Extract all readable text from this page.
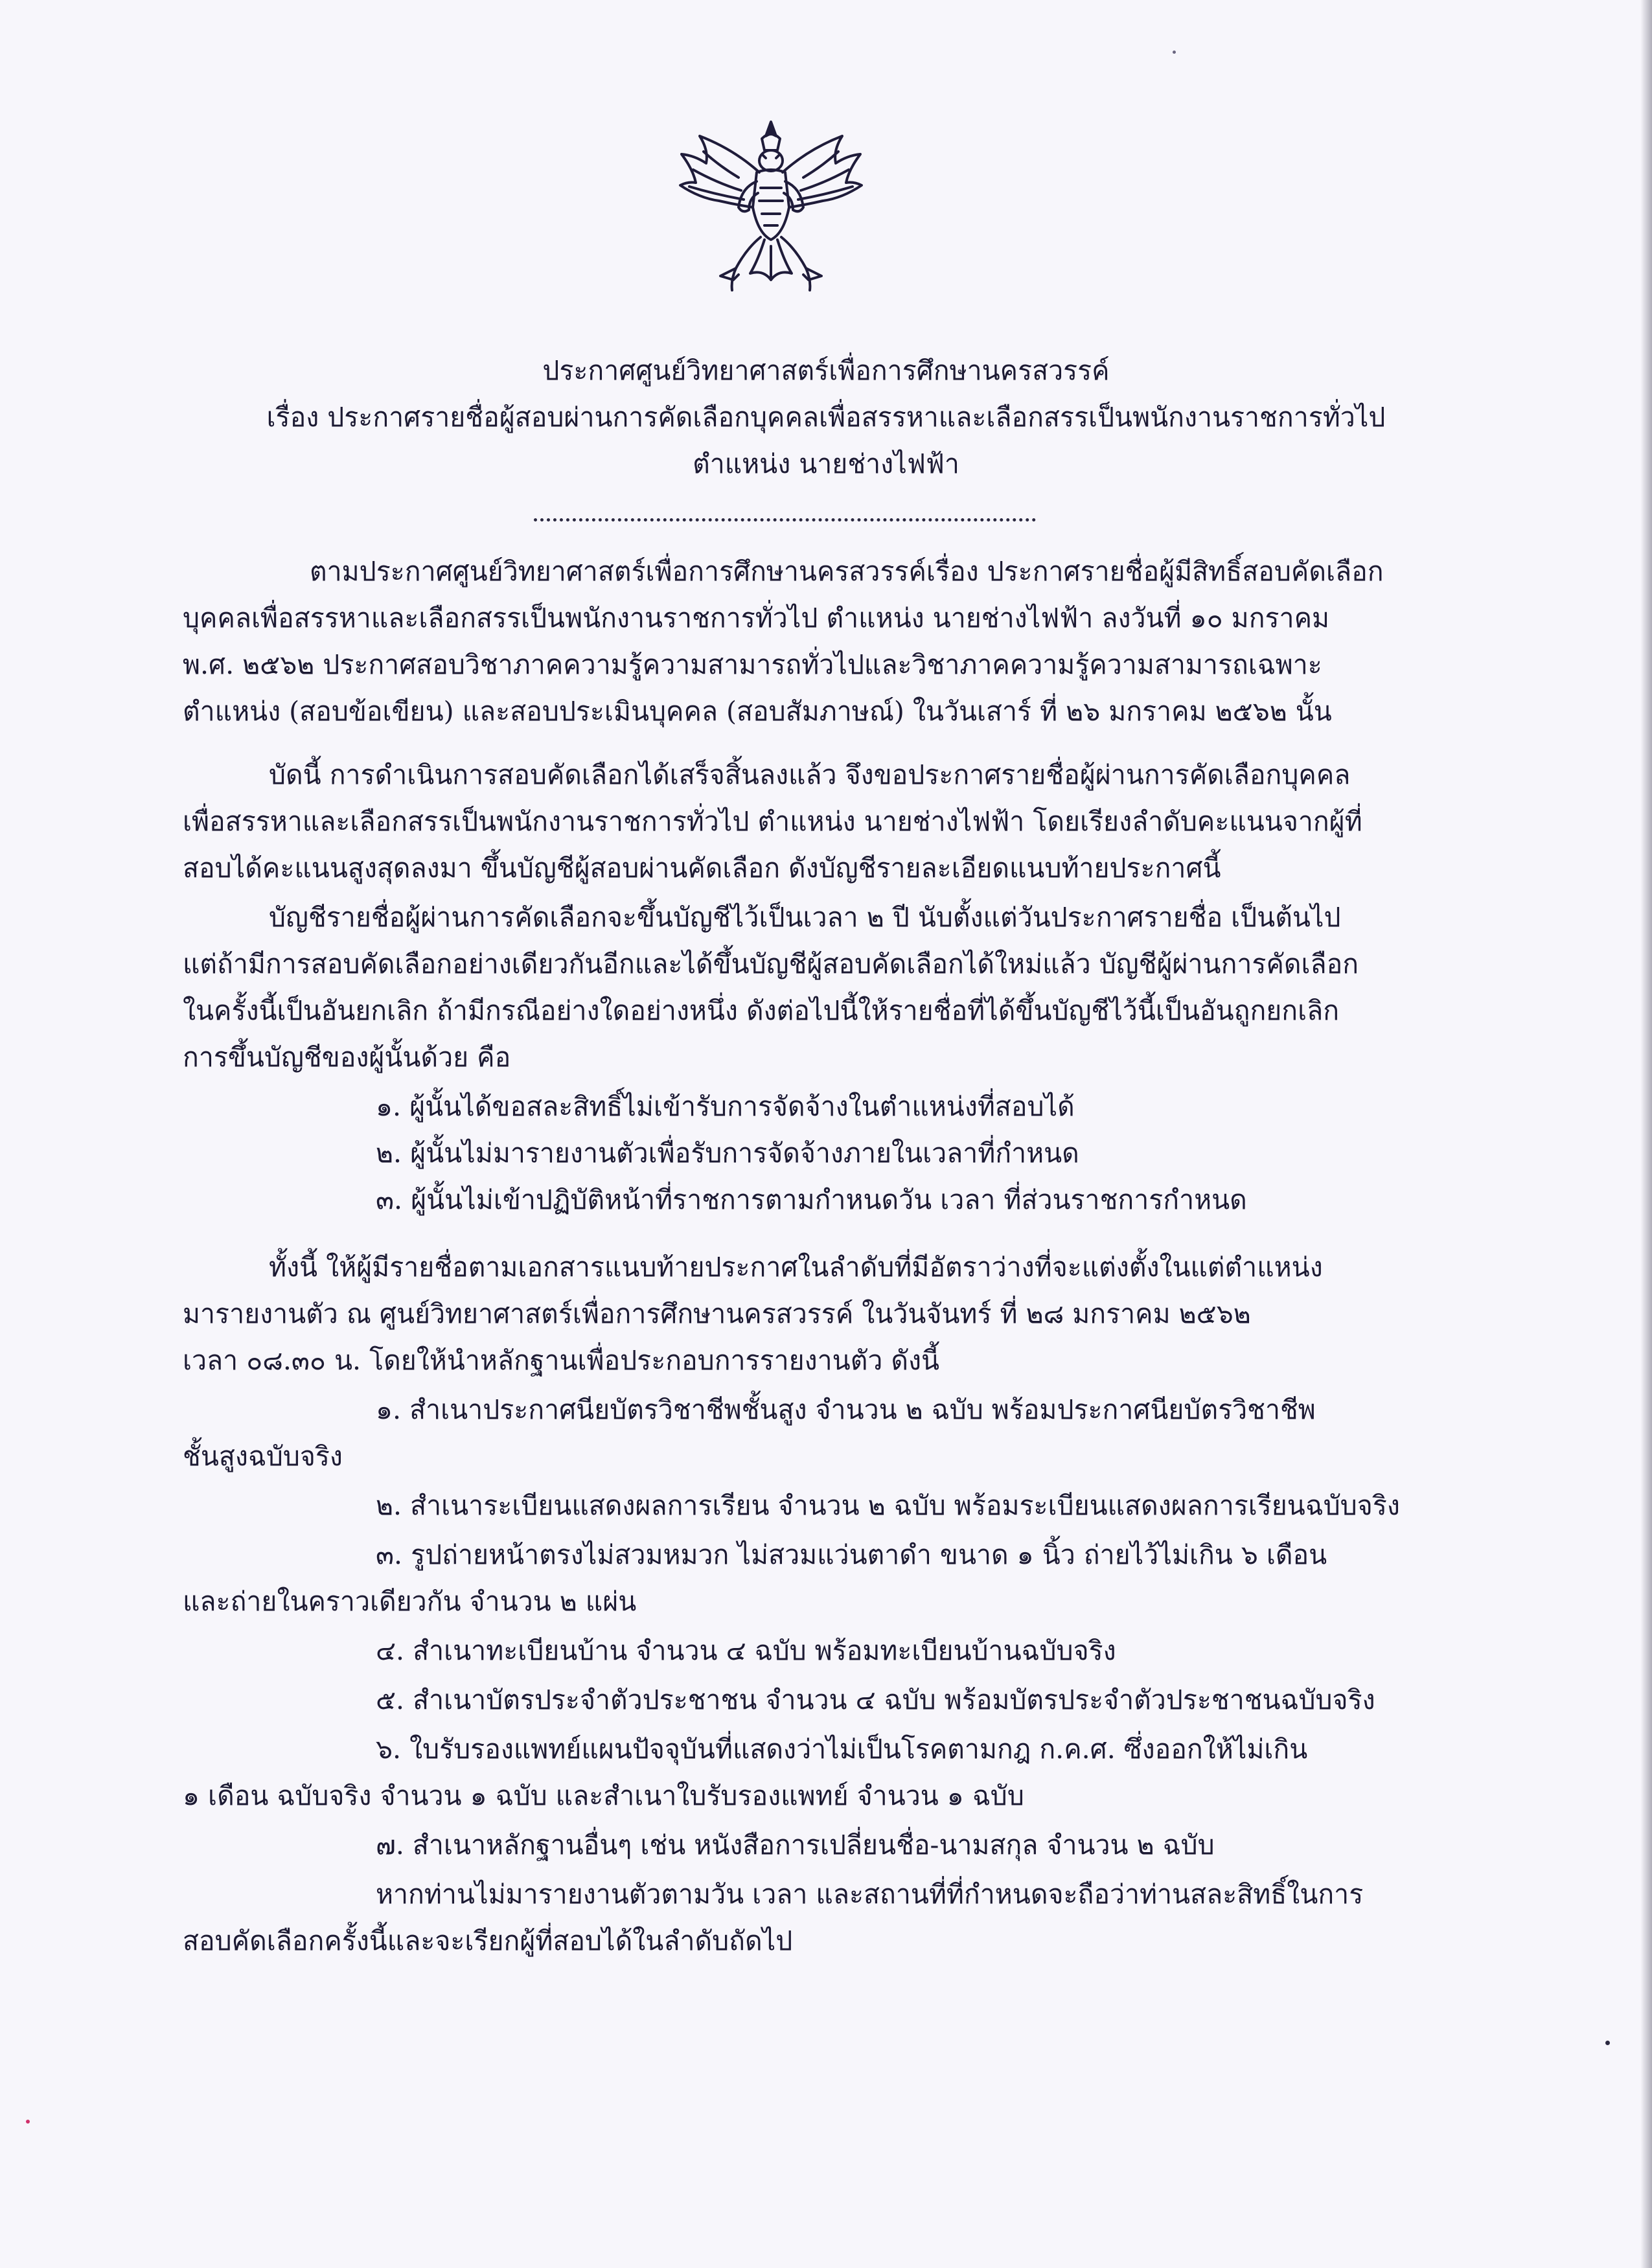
ประกาศศูนย์วิทยาศาสตร์เพื่อการศึกษานครสวรรค์
เรื่อง ประกาศรายชื่อผู้สอบผ่านการคัดเลือกบุคคลเพื่อสรรหาและเลือกสรรเป็นพนักงานราชการทั่วไป
ตำแหน่ง นายช่างไฟฟ้า
ตามประกาศศูนย์วิทยาศาสตร์เพื่อการศึกษานครสวรรค์เรื่อง ประกาศรายชื่อผู้มีสิทธิ์สอบคัดเลือก
บุคคลเพื่อสรรหาและเลือกสรรเป็นพนักงานราชการทั่วไป ตำแหน่ง นายช่างไฟฟ้า ลงวันที่ ๑๐ มกราคม
พ.ศ. ๒๕๖๒ ประกาศสอบวิชาภาคความรู้ความสามารถทั่วไปและวิชาภาคความรู้ความสามารถเฉพาะ
ตำแหน่ง (สอบข้อเขียน) และสอบประเมินบุคคล (สอบสัมภาษณ์) ในวันเสาร์ ที่ ๒๖ มกราคม ๒๕๖๒ นั้น
บัดนี้ การดำเนินการสอบคัดเลือกได้เสร็จสิ้นลงแล้ว จึงขอประกาศรายชื่อผู้ผ่านการคัดเลือกบุคคล
เพื่อสรรหาและเลือกสรรเป็นพนักงานราชการทั่วไป ตำแหน่ง นายช่างไฟฟ้า โดยเรียงลำดับคะแนนจากผู้ที่
สอบได้คะแนนสูงสุดลงมา ขึ้นบัญชีผู้สอบผ่านคัดเลือก ดังบัญชีรายละเอียดแนบท้ายประกาศนี้
บัญชีรายชื่อผู้ผ่านการคัดเลือกจะขึ้นบัญชีไว้เป็นเวลา ๒ ปี นับตั้งแต่วันประกาศรายชื่อ เป็นต้นไป
แต่ถ้ามีการสอบคัดเลือกอย่างเดียวกันอีกและได้ขึ้นบัญชีผู้สอบคัดเลือกได้ใหม่แล้ว บัญชีผู้ผ่านการคัดเลือก
ในครั้งนี้เป็นอันยกเลิก ถ้ามีกรณีอย่างใดอย่างหนึ่ง ดังต่อไปนี้ให้รายชื่อที่ได้ขึ้นบัญชีไว้นี้เป็นอันถูกยกเลิก
การขึ้นบัญชีของผู้นั้นด้วย คือ
๑. ผู้นั้นได้ขอสละสิทธิ์ไม่เข้ารับการจัดจ้างในตำแหน่งที่สอบได้
๒. ผู้นั้นไม่มารายงานตัวเพื่อรับการจัดจ้างภายในเวลาที่กำหนด
๓. ผู้นั้นไม่เข้าปฏิบัติหน้าที่ราชการตามกำหนดวัน เวลา ที่ส่วนราชการกำหนด
ทั้งนี้ ให้ผู้มีรายชื่อตามเอกสารแนบท้ายประกาศในลำดับที่มีอัตราว่างที่จะแต่งตั้งในแต่ตำแหน่ง
มารายงานตัว ณ ศูนย์วิทยาศาสตร์เพื่อการศึกษานครสวรรค์ ในวันจันทร์ ที่ ๒๘ มกราคม ๒๕๖๒
เวลา ๐๘.๓๐ น. โดยให้นำหลักฐานเพื่อประกอบการรายงานตัว ดังนี้
๑. สำเนาประกาศนียบัตรวิชาชีพชั้นสูง จำนวน ๒ ฉบับ พร้อมประกาศนียบัตรวิชาชีพ
ชั้นสูงฉบับจริง
๒. สำเนาระเบียนแสดงผลการเรียน จำนวน ๒ ฉบับ พร้อมระเบียนแสดงผลการเรียนฉบับจริง
๓. รูปถ่ายหน้าตรงไม่สวมหมวก ไม่สวมแว่นตาดำ ขนาด ๑ นิ้ว ถ่ายไว้ไม่เกิน ๖ เดือน
และถ่ายในคราวเดียวกัน จำนวน ๒ แผ่น
๔. สำเนาทะเบียนบ้าน จำนวน ๔ ฉบับ พร้อมทะเบียนบ้านฉบับจริง
๕. สำเนาบัตรประจำตัวประชาชน จำนวน ๔ ฉบับ พร้อมบัตรประจำตัวประชาชนฉบับจริง
๖. ใบรับรองแพทย์แผนปัจจุบันที่แสดงว่าไม่เป็นโรคตามกฎ ก.ค.ศ. ซึ่งออกให้ไม่เกิน
๑ เดือน ฉบับจริง จำนวน ๑ ฉบับ และสำเนาใบรับรองแพทย์ จำนวน ๑ ฉบับ
๗. สำเนาหลักฐานอื่นๆ เช่น หนังสือการเปลี่ยนชื่อ-นามสกุล จำนวน ๒ ฉบับ
หากท่านไม่มารายงานตัวตามวัน เวลา และสถานที่ที่กำหนดจะถือว่าท่านสละสิทธิ์ในการ
สอบคัดเลือกครั้งนี้และจะเรียกผู้ที่สอบได้ในลำดับถัดไป
